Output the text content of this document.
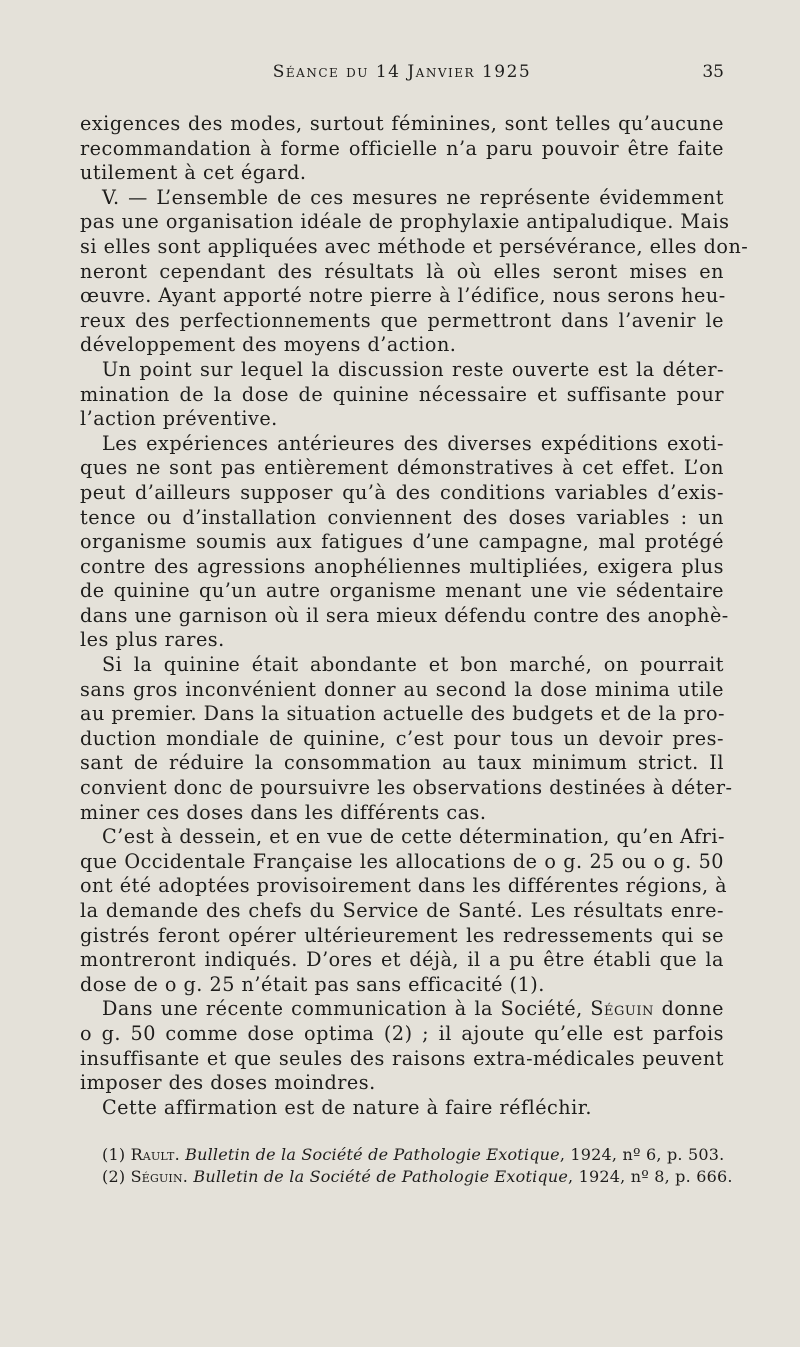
Séance du 14 Janvier 1925	35
exigences des modes, surtout féminines, sont telles qu’aucune
recommandation à forme officielle n’a paru pouvoir être faite
utilement à cet égard.
V. — L’ensemble de ces mesures ne représente évidemment
pas une organisation idéale de prophylaxie antipaludique. Mais
si elles sont appliquées avec méthode et persévérance, elles don-
neront cependant des résultats là où elles seront mises en
œuvre. Ayant apporté notre pierre à l’édifice, nous serons heu-
reux des perfectionnements que permettront dans l’avenir le
développement des moyens d’action.
Un point sur lequel la discussion reste ouverte est la déter-
mination de la dose de quinine nécessaire et suffisante pour
l’action préventive.
Les expériences antérieures des diverses expéditions exoti-
ques ne sont pas entièrement démonstratives à cet effet. L’on
peut d’ailleurs supposer qu’à des conditions variables d’exis-
tence ou d’installation conviennent des doses variables : un
organisme soumis aux fatigues d’une campagne, mal protégé
contre des agressions anophéliennes multipliées, exigera plus
de quinine qu’un autre organisme menant une vie sédentaire
dans une garnison où il sera mieux défendu contre des anophè-
les plus rares.
Si la quinine était abondante et bon marché, on pourrait
sans gros inconvénient donner au second la dose minima utile
au premier. Dans la situation actuelle des budgets et de la pro-
duction mondiale de quinine, c’est pour tous un devoir pres-
sant de réduire la consommation au taux minimum strict. Il
convient donc de poursuivre les observations destinées à déter-
miner ces doses dans les différents cas.
C’est à dessein, et en vue de cette détermination, qu’en Afri-
que Occidentale Française les allocations de o g. 25 ou o g. 50
ont été adoptées provisoirement dans les différentes régions, à
la demande des chefs du Service de Santé. Les résultats enre-
gistrés feront opérer ultérieurement les redressements qui se
montreront indiqués. D’ores et déjà, il a pu être établi que la
dose de o g. 25 n’était pas sans efficacité (1).
Dans une récente communication à la Société, Séguin donne
o g. 50 comme dose optima (2) ; il ajoute qu’elle est parfois
insuffisante et que seules des raisons extra-médicales peuvent
imposer des doses moindres.
Cette affirmation est de nature à faire réfléchir.
(1) Rault. Bulletin de la Société de Pathologie Exotique, 1924, nº 6, p. 503.
(2) Séguin. Bulletin de la Société de Pathologie Exotique, 1924, nº 8, p. 666.
